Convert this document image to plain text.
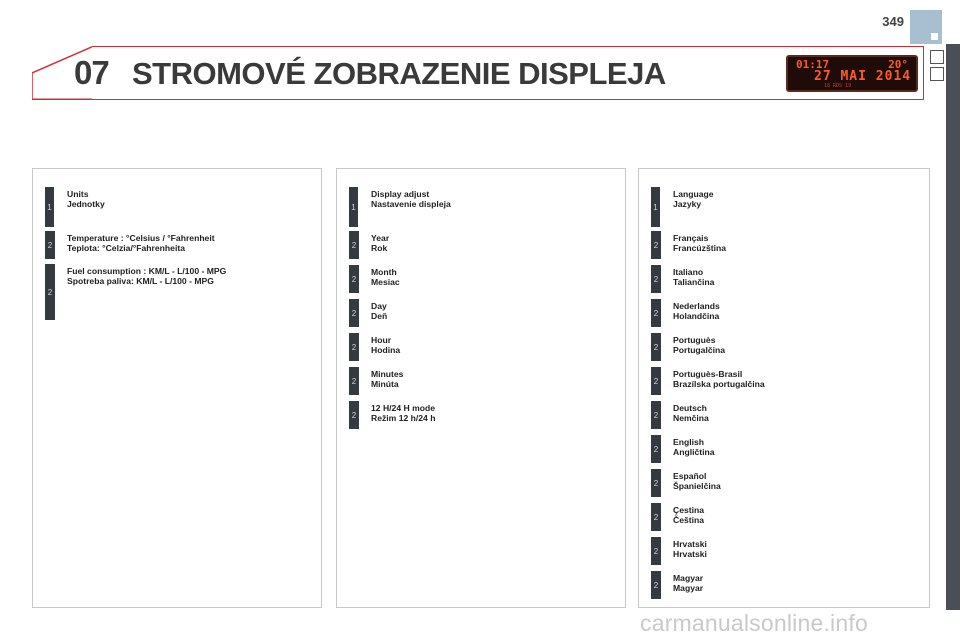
349
07 STROMOVÉ ZOBRAZENIE DISPLEJA	01:17	20°
27 MAI 2014
18 RDS 19
1
Units
Jednotky
2
Temperature : °Celsius / °Fahrenheit
Teplota: °Celzia/°Fahrenheita
2
Fuel consumption : KM/L - L/100 - MPG
Spotreba paliva: KM/L - L/100 - MPG
1
Display adjust
Nastavenie displeja
2
Year
Rok
2
Month
Mesiac
2
Day
Deň
2
Hour
Hodina
2
Minutes
Minúta
2
12 H/24 H mode
Režim 12 h/24 h
1
Language
Jazyky
2
Français
Francúzština
2
Italiano
Taliančina
2
Nederlands
Holandčina
2
Portuguès
Portugalčina
2
Portuguès-Brasil
Brazílska portugalčina
2
Deutsch
Nemčina
2
English
Angličtina
2
Español
Španielčina
2
Çestina
Čeština
2
Hrvatski
Hrvatski
2
Magyar
Magyar
carmanualsonline.info
